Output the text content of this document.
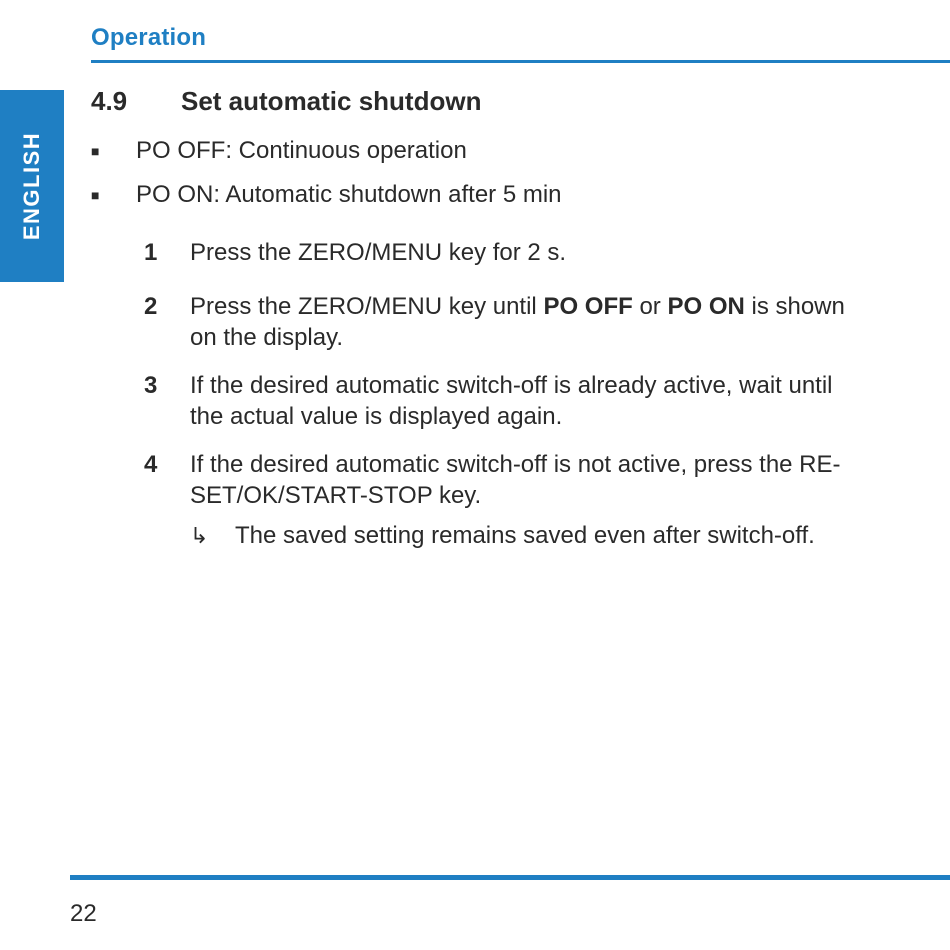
Operation
ENGLISH
4.9 Set automatic shutdown
■ PO OFF: Continuous operation
■ PO ON: Automatic shutdown after 5 min
1	Press the ZERO/MENU key for 2 s.
2	Press the ZERO/MENU key until PO OFF or PO ON is shown on the display.
3	If the desired automatic switch-off is already active, wait until the actual value is displayed again.
4	If the desired automatic switch-off is not active, press the RE-SET/OK/START-STOP key.
↳ The saved setting remains saved even after switch-off.
22
